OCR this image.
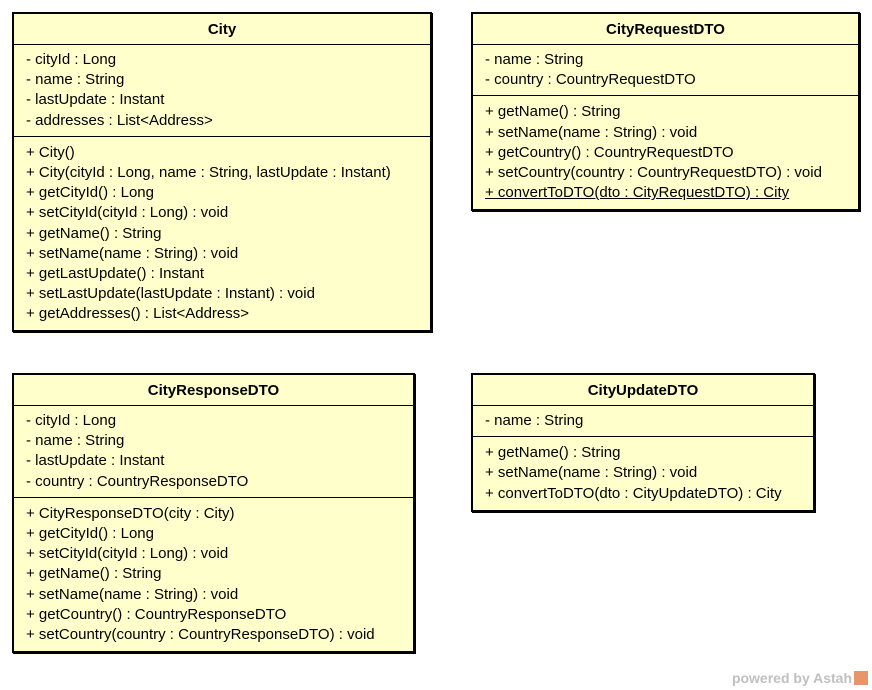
City
- cityId : Long
- name : String
- lastUpdate : Instant
- addresses : List<Address>
+ City()
+ City(cityId : Long, name : String, lastUpdate : Instant)
+ getCityId() : Long
+ setCityId(cityId : Long) : void
+ getName() : String
+ setName(name : String) : void
+ getLastUpdate() : Instant
+ setLastUpdate(lastUpdate : Instant) : void
+ getAddresses() : List<Address>
CityRequestDTO
- name : String
- country : CountryRequestDTO
+ getName() : String
+ setName(name : String) : void
+ getCountry() : CountryRequestDTO
+ setCountry(country : CountryRequestDTO) : void
+ convertToDTO(dto : CityRequestDTO) : City
CityResponseDTO
- cityId : Long
- name : String
- lastUpdate : Instant
- country : CountryResponseDTO
+ CityResponseDTO(city : City)
+ getCityId() : Long
+ setCityId(cityId : Long) : void
+ getName() : String
+ setName(name : String) : void
+ getCountry() : CountryResponseDTO
+ setCountry(country : CountryResponseDTO) : void
CityUpdateDTO
- name : String
+ getName() : String
+ setName(name : String) : void
+ convertToDTO(dto : CityUpdateDTO) : City
powered by Astah
